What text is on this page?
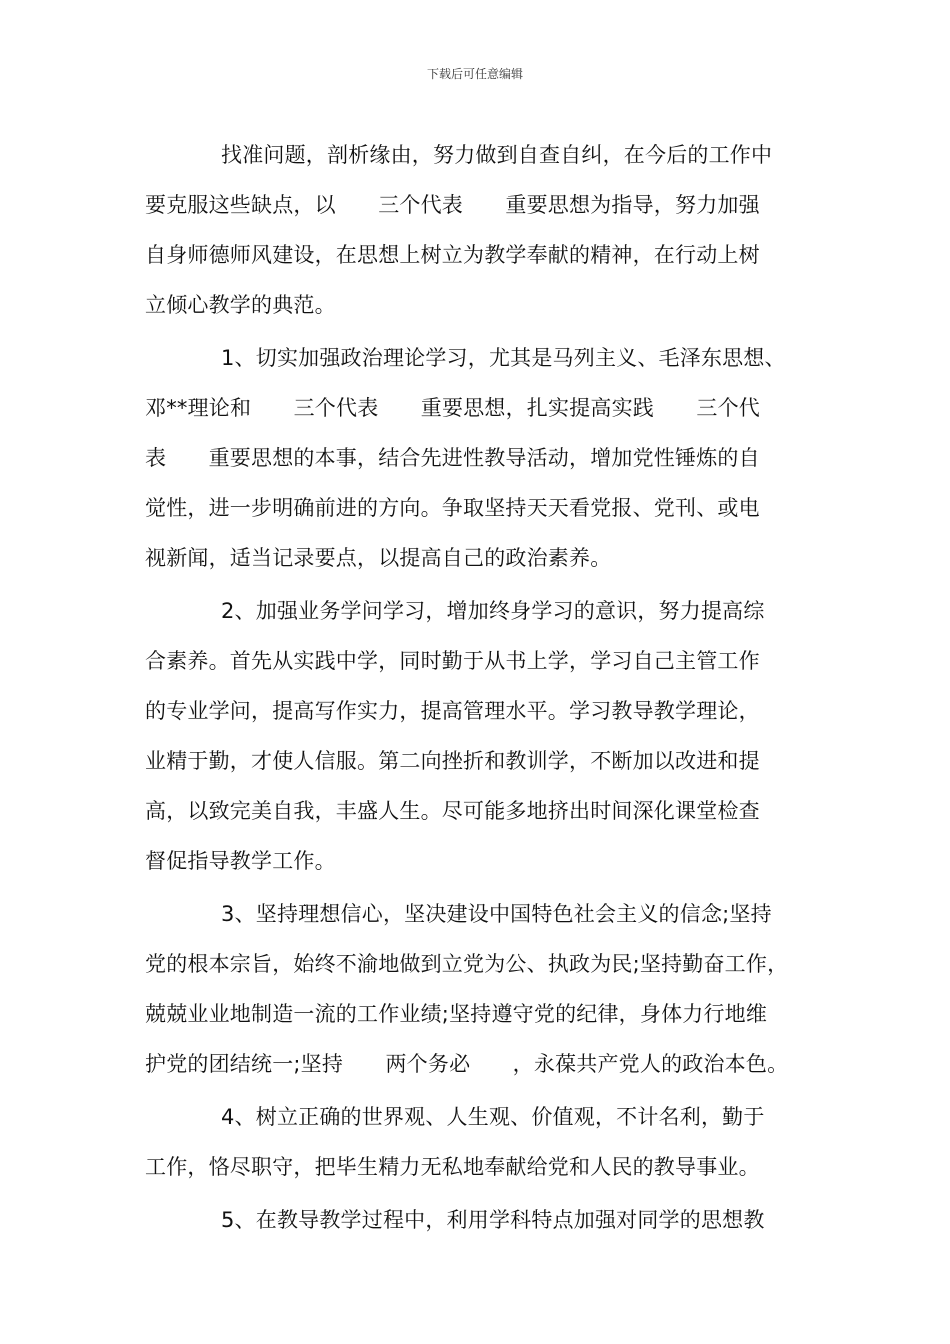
下载后可任意编辑
找准问题，剖析缘由，努力做到自查自纠，在今后的工作中
要克服这些缺点，以　　三个代表　　重要思想为指导，努力加强
自身师德师风建设，在思想上树立为教学奉献的精神，在行动上树
立倾心教学的典范。
1、切实加强政治理论学习，尤其是马列主义、毛泽东思想、
邓**理论和　　三个代表　　重要思想，扎实提高实践　　三个代
表　　重要思想的本事，结合先进性教导活动，增加党性锤炼的自
觉性，进一步明确前进的方向。争取坚持天天看党报、党刊、或电
视新闻，适当记录要点，以提高自己的政治素养。
2、加强业务学问学习，增加终身学习的意识，努力提高综
合素养。首先从实践中学，同时勤于从书上学，学习自己主管工作
的专业学问，提高写作实力，提高管理水平。学习教导教学理论，
业精于勤，才使人信服。第二向挫折和教训学，不断加以改进和提
高，以致完美自我，丰盛人生。尽可能多地挤出时间深化课堂检查
督促指导教学工作。
3、坚持理想信心，坚决建设中国特色社会主义的信念;坚持
党的根本宗旨，始终不渝地做到立党为公、执政为民;坚持勤奋工作，
兢兢业业地制造一流的工作业绩;坚持遵守党的纪律，身体力行地维
护党的团结统一;坚持　　两个务必　　，永葆共产党人的政治本色。
4、树立正确的世界观、人生观、价值观，不计名利，勤于
工作，恪尽职守，把毕生精力无私地奉献给党和人民的教导事业。
5、在教导教学过程中，利用学科特点加强对同学的思想教
